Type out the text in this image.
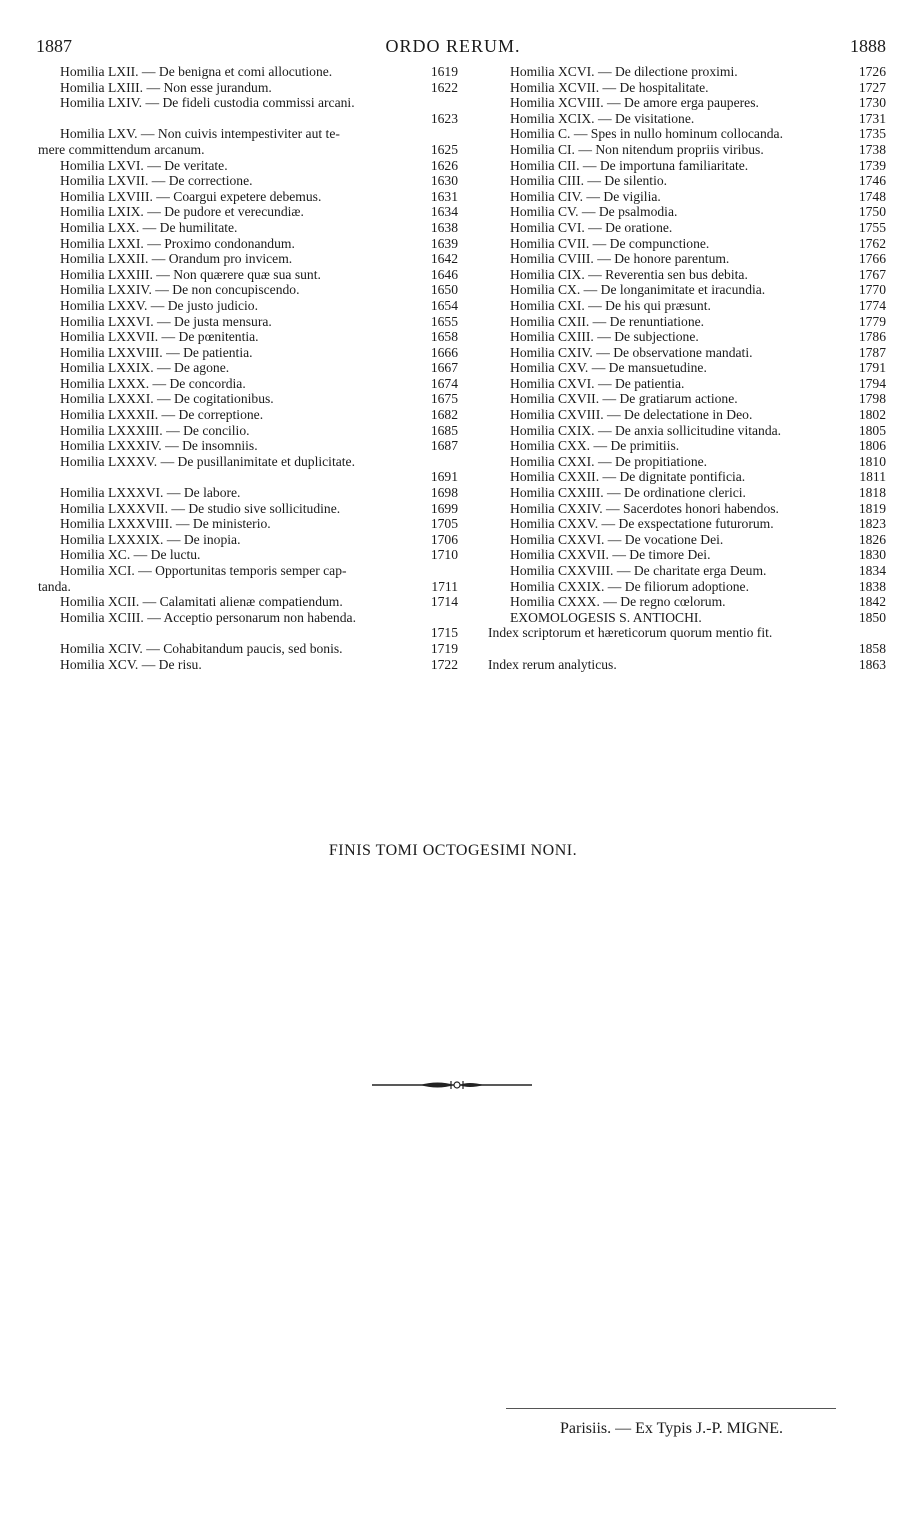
1887	ORDO RERUM.	1888
Homilia LXII. — De benigna et comi allocutione.	1619
Homilia LXIII. — Non esse jurandum.	1622
Homilia LXIV. — De fideli custodia commissi arcani.
1623
Homilia LXV. — Non cuivis intempestiviter aut te-
mere committendum arcanum.	1625
Homilia LXVI. — De veritate.	1626
Homilia LXVII. — De correctione.	1630
Homilia LXVIII. — Coargui expetere debemus.	1631
Homilia LXIX. — De pudore et verecundiæ.	1634
Homilia LXX. — De humilitate.	1638
Homilia LXXI. — Proximo condonandum.	1639
Homilia LXXII. — Orandum pro invicem.	1642
Homilia LXXIII. — Non quærere quæ sua sunt.	1646
Homilia LXXIV. — De non concupiscendo.	1650
Homilia LXXV. — De justo judicio.	1654
Homilia LXXVI. — De justa mensura.	1655
Homilia LXXVII. — De pœnitentia.	1658
Homilia LXXVIII. — De patientia.	1666
Homilia LXXIX. — De agone.	1667
Homilia LXXX. — De concordia.	1674
Homilia LXXXI. — De cogitationibus.	1675
Homilia LXXXII. — De correptione.	1682
Homilia LXXXIII. — De concilio.	1685
Homilia LXXXIV. — De insomniis.	1687
Homilia LXXXV. — De pusillanimitate et duplicitate.
1691
Homilia LXXXVI. — De labore.	1698
Homilia LXXXVII. — De studio sive sollicitudine.	1699
Homilia LXXXVIII. — De ministerio.	1705
Homilia LXXXIX. — De inopia.	1706
Homilia XC. — De luctu.	1710
Homilia XCI. — Opportunitas temporis semper cap-
tanda.	1711
Homilia XCII. — Calamitati alienæ compatiendum.	1714
Homilia XCIII. — Acceptio personarum non habenda.
1715
Homilia XCIV. — Cohabitandum paucis, sed bonis.	1719
Homilia XCV. — De risu.	1722
Homilia XCVI. — De dilectione proximi.	1726
Homilia XCVII. — De hospitalitate.	1727
Homilia XCVIII. — De amore erga pauperes.	1730
Homilia XCIX. — De visitatione.	1731
Homilia C. — Spes in nullo hominum collocanda.	1735
Homilia CI. — Non nitendum propriis viribus.	1738
Homilia CII. — De importuna familiaritate.	1739
Homilia CIII. — De silentio.	1746
Homilia CIV. — De vigilia.	1748
Homilia CV. — De psalmodia.	1750
Homilia CVI. — De oratione.	1755
Homilia CVII. — De compunctione.	1762
Homilia CVIII. — De honore parentum.	1766
Homilia CIX. — Reverentia sen bus debita.	1767
Homilia CX. — De longanimitate et iracundia.	1770
Homilia CXI. — De his qui præsunt.	1774
Homilia CXII. — De renuntiatione.	1779
Homilia CXIII. — De subjectione.	1786
Homilia CXIV. — De observatione mandati.	1787
Homilia CXV. — De mansuetudine.	1791
Homilia CXVI. — De patientia.	1794
Homilia CXVII. — De gratiarum actione.	1798
Homilia CXVIII. — De delectatione in Deo.	1802
Homilia CXIX. — De anxia sollicitudine vitanda.	1805
Homilia CXX. — De primitiis.	1806
Homilia CXXI. — De propitiatione.	1810
Homilia CXXII. — De dignitate pontificia.	1811
Homilia CXXIII. — De ordinatione clerici.	1818
Homilia CXXIV. — Sacerdotes honori habendos.	1819
Homilia CXXV. — De exspectatione futurorum.	1823
Homilia CXXVI. — De vocatione Dei.	1826
Homilia CXXVII. — De timore Dei.	1830
Homilia CXXVIII. — De charitate erga Deum.	1834
Homilia CXXIX. — De filiorum adoptione.	1838
Homilia CXXX. — De regno cœlorum.	1842
EXOMOLOGESIS S. ANTIOCHI.	1850
Index scriptorum et hæreticorum quorum mentio fit.
1858
Index rerum analyticus.	1863
FINIS TOMI OCTOGESIMI NONI.
Parisiis. — Ex Typis J.-P. MIGNE.
